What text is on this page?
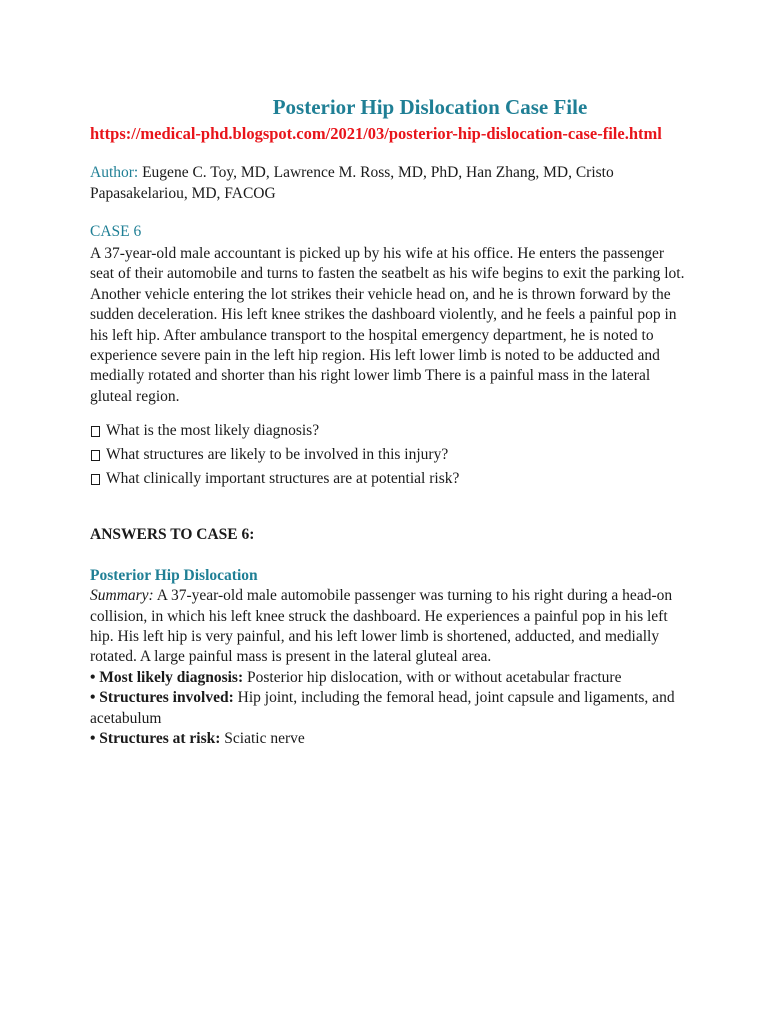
Posterior Hip Dislocation Case File
https://medical-phd.blogspot.com/2021/03/posterior-hip-dislocation-case-file.html
Author: Eugene C. Toy, MD, Lawrence M. Ross, MD, PhD, Han Zhang, MD, Cristo Papasakelariou, MD, FACOG
CASE 6
A 37-year-old male accountant is picked up by his wife at his office. He enters the passenger seat of their automobile and turns to fasten the seatbelt as his wife begins to exit the parking lot. Another vehicle entering the lot strikes their vehicle head on, and he is thrown forward by the sudden deceleration. His left knee strikes the dashboard violently, and he feels a painful pop in his left hip. After ambulance transport to the hospital emergency department, he is noted to experience severe pain in the left hip region. His left lower limb is noted to be adducted and medially rotated and shorter than his right lower limb There is a painful mass in the lateral gluteal region.
What is the most likely diagnosis?
What structures are likely to be involved in this injury?
What clinically important structures are at potential risk?
ANSWERS TO CASE 6:
Posterior Hip Dislocation
Summary: A 37-year-old male automobile passenger was turning to his right during a head-on collision, in which his left knee struck the dashboard. He experiences a painful pop in his left hip. His left hip is very painful, and his left lower limb is shortened, adducted, and medially rotated. A large painful mass is present in the lateral gluteal area.
• Most likely diagnosis: Posterior hip dislocation, with or without acetabular fracture
• Structures involved: Hip joint, including the femoral head, joint capsule and ligaments, and acetabulum
• Structures at risk: Sciatic nerve
